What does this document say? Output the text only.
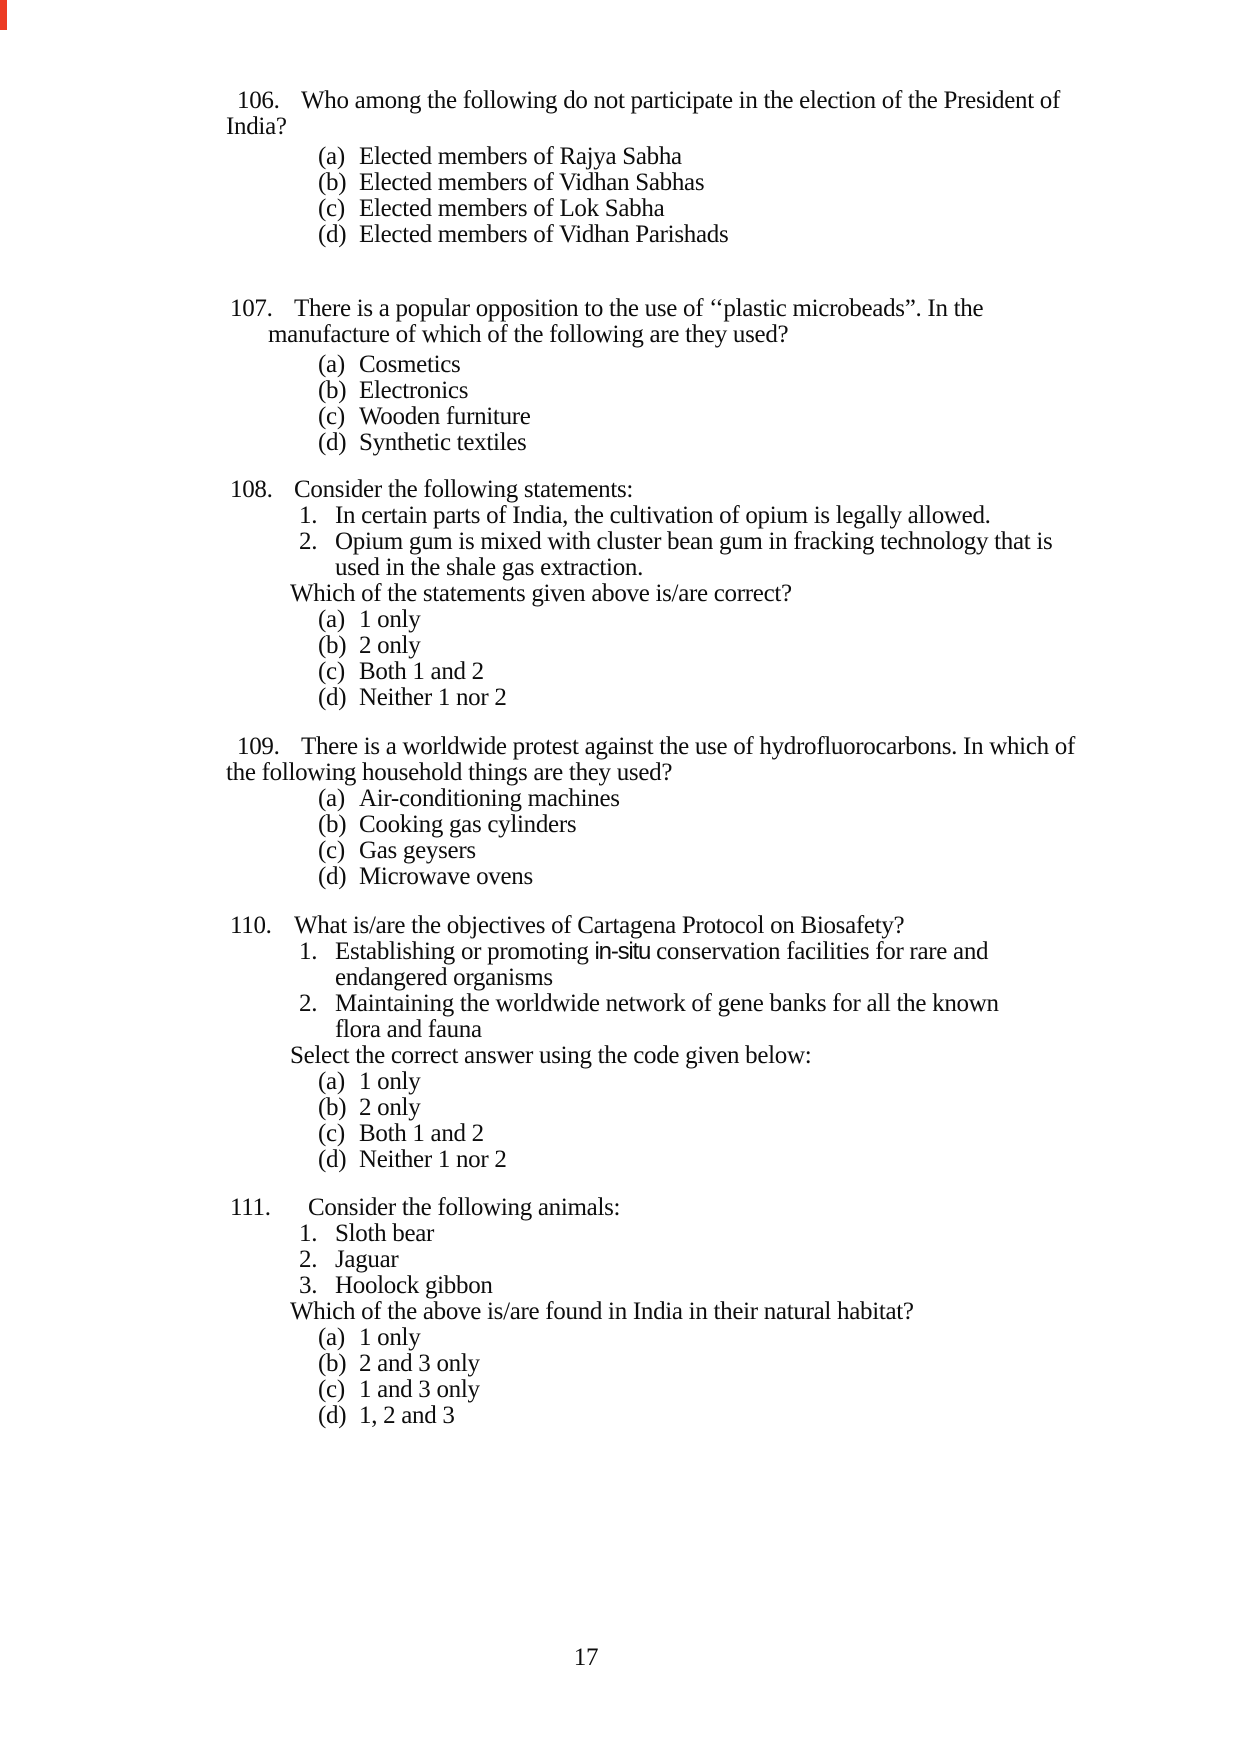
106. Who among the following do not participate in the election of the President of
India?
(a) Elected members of Rajya Sabha
(b) Elected members of Vidhan Sabhas
(c) Elected members of Lok Sabha
(d) Elected members of Vidhan Parishads
107. There is a popular opposition to the use of ‘‘plastic microbeads”. In the
manufacture of which of the following are they used?
(a) Cosmetics
(b) Electronics
(c) Wooden furniture
(d) Synthetic textiles
108. Consider the following statements:
1. In certain parts of India, the cultivation of opium is legally allowed.
2. Opium gum is mixed with cluster bean gum in fracking technology that is
used in the shale gas extraction.
Which of the statements given above is/are correct?
(a) 1 only
(b) 2 only
(c) Both 1 and 2
(d) Neither 1 nor 2
109. There is a worldwide protest against the use of hydrofluorocarbons. In which of
the following household things are they used?
(a) Air-conditioning machines
(b) Cooking gas cylinders
(c) Gas geysers
(d) Microwave ovens
110. What is/are the objectives of Cartagena Protocol on Biosafety?
1. Establishing or promoting in-situ conservation facilities for rare and
endangered organisms
2. Maintaining the worldwide network of gene banks for all the known
flora and fauna
Select the correct answer using the code given below:
(a) 1 only
(b) 2 only
(c) Both 1 and 2
(d) Neither 1 nor 2
111. Consider the following animals:
1. Sloth bear
2. Jaguar
3. Hoolock gibbon
Which of the above is/are found in India in their natural habitat?
(a) 1 only
(b) 2 and 3 only
(c) 1 and 3 only
(d) 1, 2 and 3
17
